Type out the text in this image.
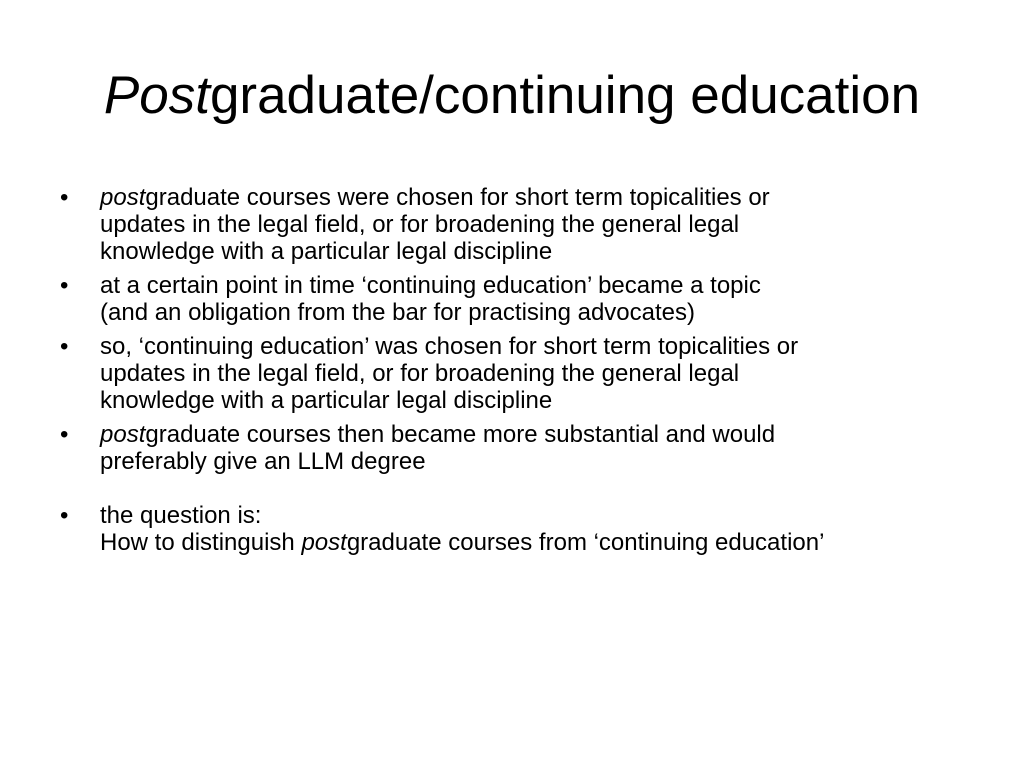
Postgraduate/continuing education
•	postgraduate courses were chosen for short term topicalities or
updates in the legal field, or for broadening the general legal
knowledge with a particular legal discipline
•	at a certain point in time ‘continuing education’ became a topic
(and an obligation from the bar for practising advocates)
•	so, ‘continuing education’ was chosen for short term topicalities or
updates in the legal field, or for broadening the general legal
knowledge with a particular legal discipline
•	postgraduate courses then became more substantial and would
preferably give an LLM degree
•	the question is:
How to distinguish postgraduate courses from ‘continuing education’
